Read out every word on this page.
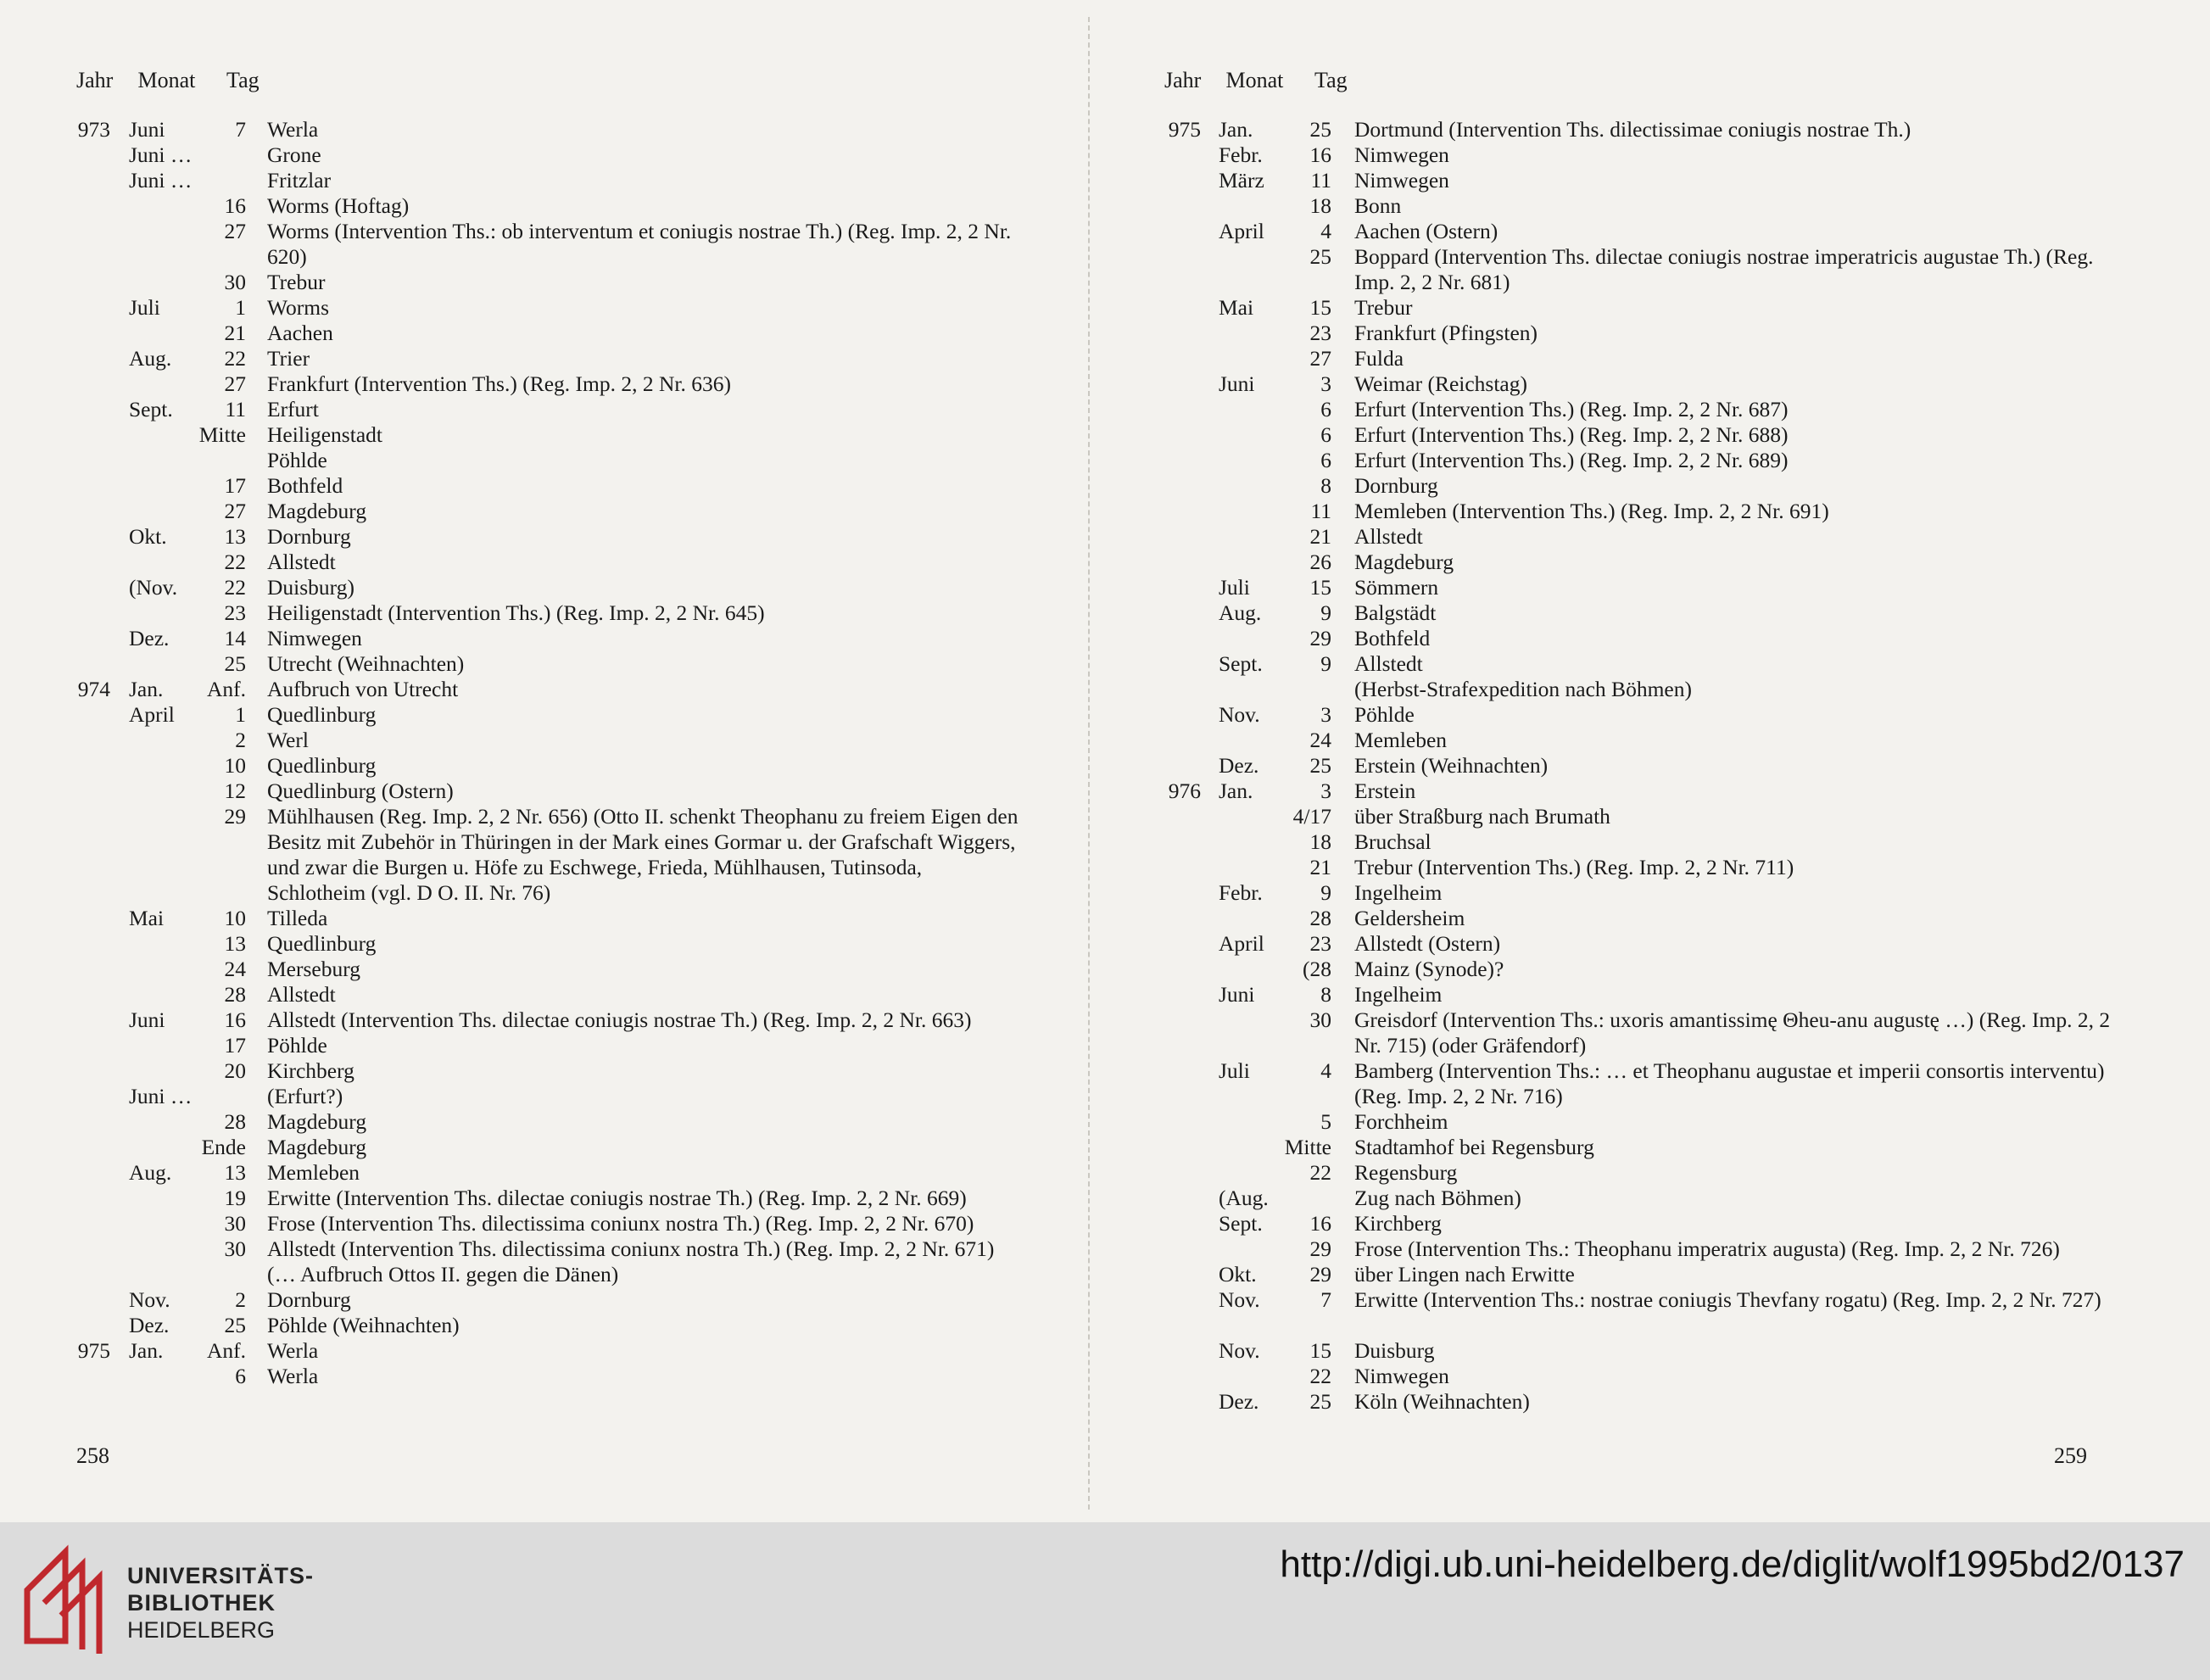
Jahr Monat Tag
973 Juni	7 Werla
Juni …	Grone
Juni …	Fritzlar
16 Worms (Hoftag)
27 Worms (Intervention Ths.: ob interventum et coniugis nostrae Th.) (Reg. Imp. 2, 2 Nr. 620)
30 Trebur
Juli	1 Worms
21 Aachen
Aug.	22 Trier
27 Frankfurt (Intervention Ths.) (Reg. Imp. 2, 2 Nr. 636)
Sept.	11 Erfurt
Mitte Heiligenstadt
Pöhlde
17 Bothfeld
27 Magdeburg
Okt.	13 Dornburg
22 Allstedt
(Nov.	22 Duisburg)
23 Heiligenstadt (Intervention Ths.) (Reg. Imp. 2, 2 Nr. 645)
Dez.	14 Nimwegen
25 Utrecht (Weihnachten)
974 Jan.	Anf. Aufbruch von Utrecht
April	1 Quedlinburg
2 Werl
10 Quedlinburg
12 Quedlinburg (Ostern)
29 Mühlhausen (Reg. Imp. 2, 2 Nr. 656) (Otto II. schenkt Theophanu zu freiem Eigen den Besitz mit Zubehör in Thüringen in der Mark eines Gormar u. der Grafschaft Wiggers, und zwar die Burgen u. Höfe zu Eschwege, Frieda, Mühlhausen, Tutinsoda, Schlotheim (vgl. D O. II. Nr. 76)
Mai	10 Tilleda
13 Quedlinburg
24 Merseburg
28 Allstedt
Juni	16 Allstedt (Intervention Ths. dilectae coniugis nostrae Th.) (Reg. Imp. 2, 2 Nr. 663)
17 Pöhlde
20 Kirchberg
Juni …	(Erfurt?)
28 Magdeburg
Ende Magdeburg
Aug.	13 Memleben
19 Erwitte (Intervention Ths. dilectae coniugis nostrae Th.) (Reg. Imp. 2, 2 Nr. 669)
30 Frose (Intervention Ths. dilectissima coniunx nostra Th.) (Reg. Imp. 2, 2 Nr. 670)
30 Allstedt (Intervention Ths. dilectissima coniunx nostra Th.) (Reg. Imp. 2, 2 Nr. 671) (… Aufbruch Ottos II. gegen die Dänen)
Nov.	2 Dornburg
Dez.	25 Pöhlde (Weihnachten)
975 Jan.	Anf. Werla
6 Werla
258
Jahr Monat Tag
975 Jan.	25 Dortmund (Intervention Ths. dilectissimae coniugis nostrae Th.)
Febr.	16 Nimwegen
März	11 Nimwegen
18 Bonn
April	4 Aachen (Ostern)
25 Boppard (Intervention Ths. dilectae coniugis nostrae imperatricis augustae Th.) (Reg. Imp. 2, 2 Nr. 681)
Mai	15 Trebur
23 Frankfurt (Pfingsten)
27 Fulda
Juni	3 Weimar (Reichstag)
6 Erfurt (Intervention Ths.) (Reg. Imp. 2, 2 Nr. 687)
6 Erfurt (Intervention Ths.) (Reg. Imp. 2, 2 Nr. 688)
6 Erfurt (Intervention Ths.) (Reg. Imp. 2, 2 Nr. 689)
8 Dornburg
11 Memleben (Intervention Ths.) (Reg. Imp. 2, 2 Nr. 691)
21 Allstedt
26 Magdeburg
Juli	15 Sömmern
Aug.	9 Balgstädt
29 Bothfeld
Sept.	9 Allstedt
(Herbst-Strafexpedition nach Böhmen)
Nov.	3 Pöhlde
24 Memleben
Dez.	25 Erstein (Weihnachten)
976 Jan.	3 Erstein
4/17 über Straßburg nach Brumath
18 Bruchsal
21 Trebur (Intervention Ths.) (Reg. Imp. 2, 2 Nr. 711)
Febr.	9 Ingelheim
28 Geldersheim
April	23 Allstedt (Ostern)
(28 Mainz (Synode)?
Juni	8 Ingelheim
30 Greisdorf (Intervention Ths.: uxoris amantissimę Θheu-anu augustę …) (Reg. Imp. 2, 2 Nr. 715) (oder Gräfendorf)
Juli	4 Bamberg (Intervention Ths.: … et Theophanu augustae et imperii consortis interventu) (Reg. Imp. 2, 2 Nr. 716)
5 Forchheim
Mitte Stadtamhof bei Regensburg
22 Regensburg
(Aug.	Zug nach Böhmen)
Sept.	16 Kirchberg
29 Frose (Intervention Ths.: Theophanu imperatrix augusta) (Reg. Imp. 2, 2 Nr. 726)
Okt.	29 über Lingen nach Erwitte
Nov.	7 Erwitte (Intervention Ths.: nostrae coniugis Thevfany rogatu) (Reg. Imp. 2, 2 Nr. 727)
Nov.	15 Duisburg
22 Nimwegen
Dez.	25 Köln (Weihnachten)
259
UNIVERSITÄTS-
BIBLIOTHEK
HEIDELBERG
http://digi.ub.uni-heidelberg.de/diglit/wolf1995bd2/0137
